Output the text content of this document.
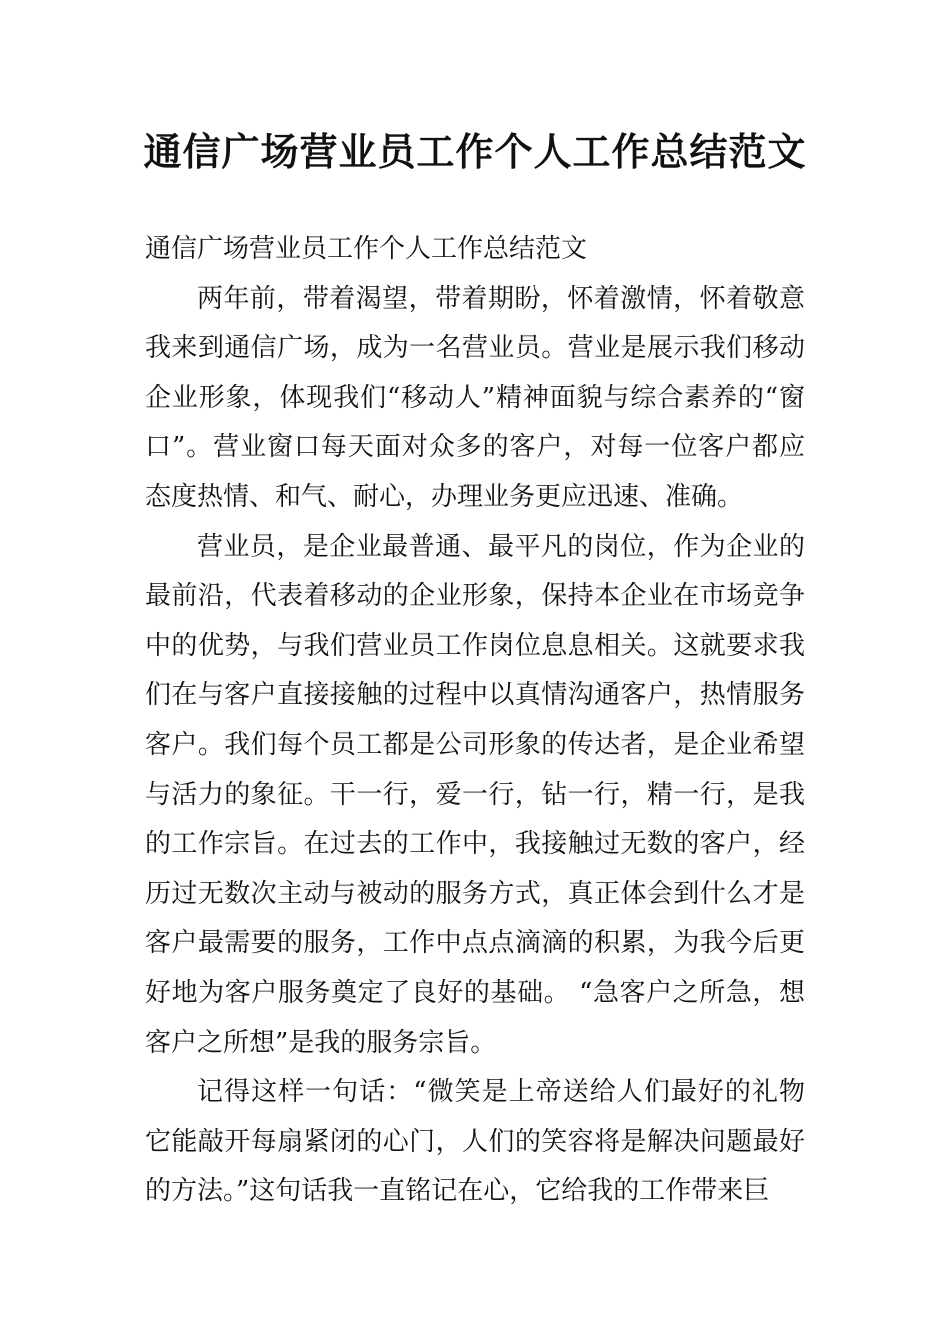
通信广场营业员工作个人工作总结范文

通信广场营业员工作个人工作总结范文

两年前，带着渴望，带着期盼，怀着激情，怀着敬意我来到通信广场，成为一名营业员。营业是展示我们移动企业形象，体现我们“移动人”精神面貌与综合素养的“窗口”。营业窗口每天面对众多的客户，对每一位客户都应态度热情、和气、耐心，办理业务更应迅速、准确。

营业员，是企业最普通、最平凡的岗位，作为企业的最前沿，代表着移动的企业形象，保持本企业在市场竞争中的优势，与我们营业员工作岗位息息相关。这就要求我们在与客户直接接触的过程中以真情沟通客户，热情服务客户。我们每个员工都是公司形象的传达者，是企业希望与活力的象征。干一行，爱一行，钻一行，精一行，是我的工作宗旨。在过去的工作中，我接触过无数的客户，经历过无数次主动与被动的服务方式，真正体会到什么才是客户最需要的服务，工作中点点滴滴的积累，为我今后更好地为客户服务奠定了良好的基础。 “急客户之所急，想客户之所想”是我的服务宗旨。

记得这样一句话：“微笑是上帝送给人们最好的礼物它能敲开每扇紧闭的心门，人们的笑容将是解决问题最好的方法。”这句话我一直铭记在心，它给我的工作带来巨
